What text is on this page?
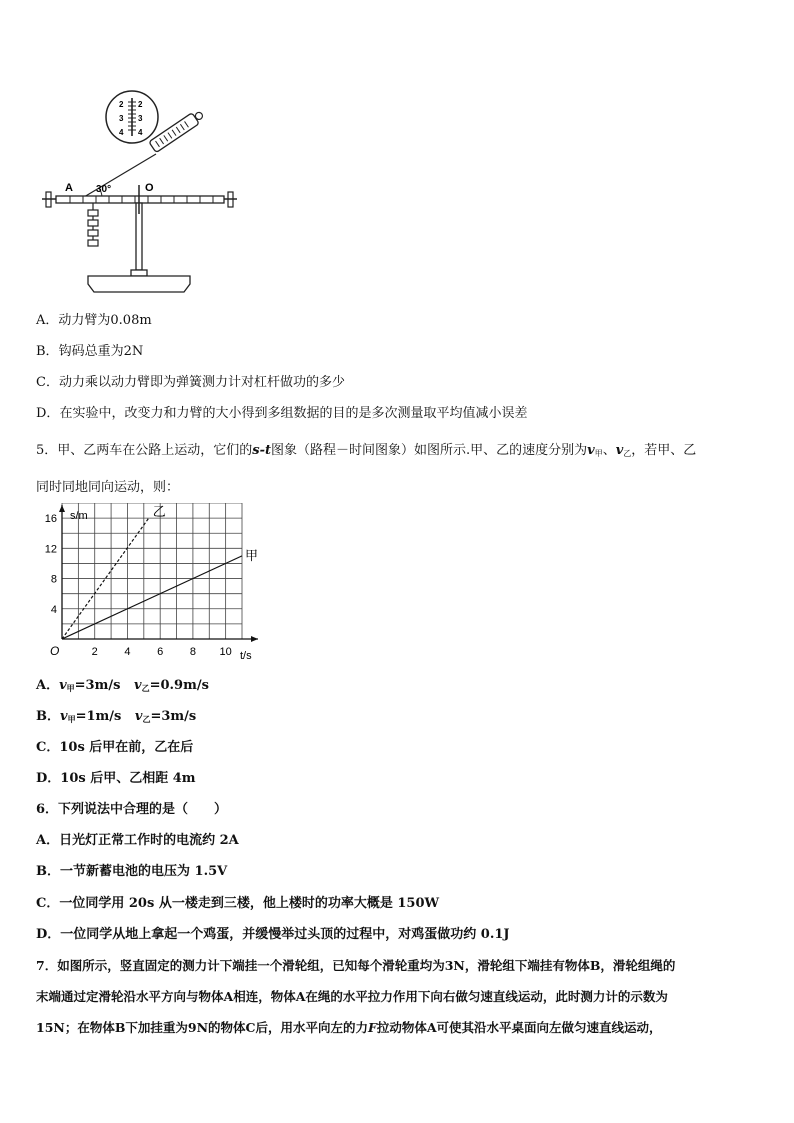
2
3
4
2
3
4
A 30°	O
A．动力臂为0.08m
B．钩码总重为2N
C．动力乘以动力臂即为弹簧测力计对杠杆做功的多少
D．在实验中，改变力和力臂的大小得到多组数据的目的是多次测量取平均值减小误差
5．甲、乙两车在公路上运动，它们的s-t图象（路程－时间图象）如图所示.甲、乙的速度分别为$v_甲$、$v_乙$，若甲、乙
同时同地同向运动，则：
2 4 6 8 10
4
8
12
16
O
s/m
t/s
乙
甲
A．$v_甲=3m/s$ $v_乙=0.9m/s$
B．$v_甲=1m/s$ $v_乙=3m/s$
C．10s 后甲在前，乙在后
D．10s 后甲、乙相距 4m
6．下列说法中合理的是（　　）
A．日光灯正常工作时的电流约 2A
B．一节新蓄电池的电压为 1.5V
C．一位同学用 20s 从一楼走到三楼，他上楼时的功率大概是 150W
D．一位同学从地上拿起一个鸡蛋，并缓慢举过头顶的过程中，对鸡蛋做功约 0.1J
7．如图所示，竖直固定的测力计下端挂一个滑轮组，已知每个滑轮重均为3N，滑轮组下端挂有物体B，滑轮组绳的
末端通过定滑轮沿水平方向与物体A相连，物体A在绳的水平拉力作用下向右做匀速直线运动，此时测力计的示数为
15N；在物体B下加挂重为9N的物体C后，用水平向左的力F拉动物体A可使其沿水平桌面向左做匀速直线运动，
